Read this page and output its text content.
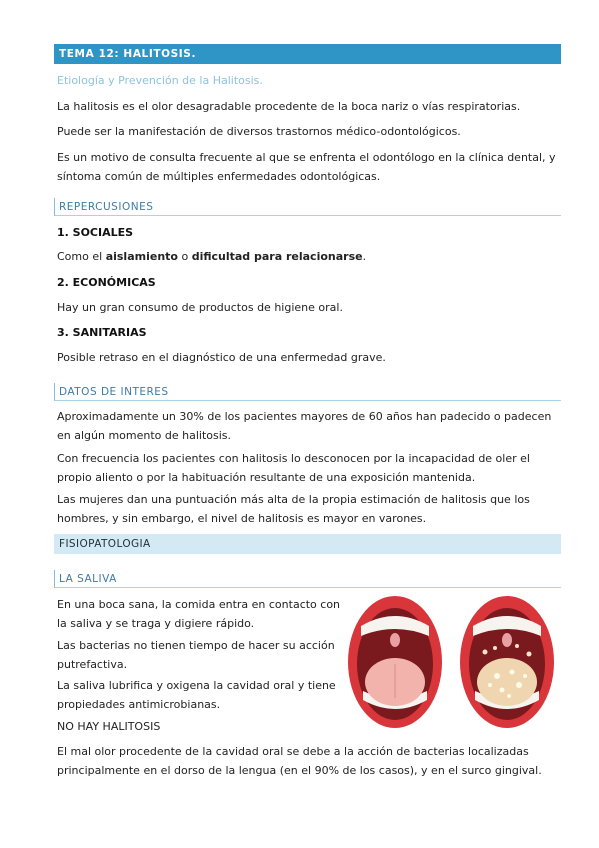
TEMA 12: HALITOSIS.
Etiología y Prevención de la Halitosis.
La halitosis es el olor desagradable procedente de la boca nariz o vías respiratorias.
Puede ser la manifestación de diversos trastornos médico-odontológicos.
Es un motivo de consulta frecuente al que se enfrenta el odontólogo en la clínica dental, y síntoma común de múltiples enfermedades odontológicas.
REPERCUSIONES
1. SOCIALES
Como el aislamiento o dificultad para relacionarse.
2. ECONÓMICAS
Hay un gran consumo de productos de higiene oral.
3. SANITARIAS
Posible retraso en el diagnóstico de una enfermedad grave.
DATOS DE INTERES
Aproximadamente un 30% de los pacientes mayores de 60 años han padecido o padecen en algún momento de halitosis.
Con frecuencia los pacientes con halitosis lo desconocen por la incapacidad de oler el propio aliento o por la habituación resultante de una exposición mantenida.
Las mujeres dan una puntuación más alta de la propia estimación de halitosis que los hombres, y sin embargo, el nivel de halitosis es mayor en varones.
FISIOPATOLOGIA
LA SALIVA
En una boca sana, la comida entra en contacto con la saliva y se traga y digiere rápido.
Las bacterias no tienen tiempo de hacer su acción putrefactiva.
La saliva lubrifica y oxigena la cavidad oral y tiene propiedades antimicrobianas.
NO HAY HALITOSIS
El mal olor procedente de la cavidad oral se debe a la acción de bacterias localizadas principalmente en el dorso de la lengua (en el 90% de los casos), y en el surco gingival.
